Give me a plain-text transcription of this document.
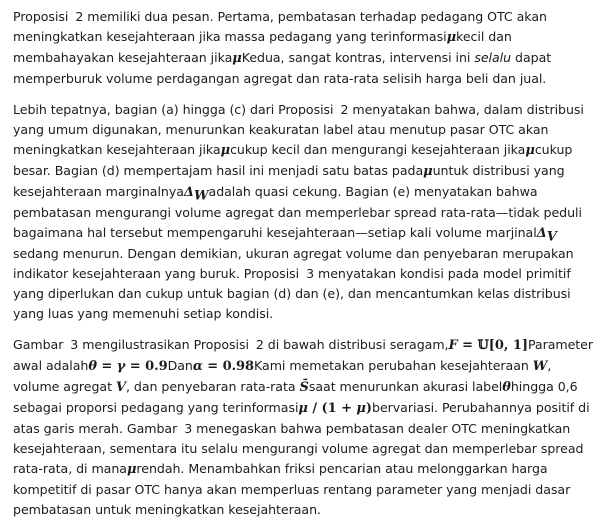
Proposisi 2 memiliki dua pesan. Pertama, pembatasan terhadap pedagang OTC akan meningkatkan kesejahteraan jika massa pedagang yang terinformasiμkecil dan membahayakan kesejahteraan jikaμKedua, sangat kontras, intervensi ini selalu dapat memperburuk volume perdagangan agregat dan rata-rata selisih harga beli dan jual.

Lebih tepatnya, bagian (a) hingga (c) dari Proposisi 2 menyatakan bahwa, dalam distribusi yang umum digunakan, menurunkan keakuratan label atau menutup pasar OTC akan meningkatkan kesejahteraan jikaμcukup kecil dan mengurangi kesejahteraan jikaμcukup besar. Bagian (d) mempertajam hasil ini menjadi satu batas padaμuntuk distribusi yang kesejahteraan marginalnyaΔ$_W$adalah quasi cekung. Bagian (e) menyatakan bahwa pembatasan mengurangi volume agregat dan memperlebar spread rata-rata—tidak peduli bagaimana hal tersebut mempengaruhi kesejahteraan—setiap kali volume marjinalΔ$_V$ sedang menurun. Dengan demikian, ukuran agregat volume dan penyebaran merupakan indikator kesejahteraan yang buruk. Proposisi 3 menyatakan kondisi pada model primitif yang diperlukan dan cukup untuk bagian (d) dan (e), dan mencantumkan kelas distribusi yang luas yang memenuhi setiap kondisi.

Gambar 3 mengilustrasikan Proposisi 2 di bawah distribusi seragam,F = 𝕌[0, 1]Parameter awal adalahθ = γ = 0.9Danα = 0.98Kami memetakan perubahan kesejahteraan W, volume agregat V, dan penyebaran rata-rata S̄saat menurunkan akurasi labelθhingga 0,6 sebagai proporsi pedagang yang terinformasiμ / (1 + μ)bervariasi. Perubahannya positif di atas garis merah. Gambar 3 menegaskan bahwa pembatasan dealer OTC meningkatkan kesejahteraan, sementara itu selalu mengurangi volume agregat dan memperlebar spread rata-rata, di manaμrendah. Menambahkan friksi pencarian atau melonggarkan harga kompetitif di pasar OTC hanya akan memperluas rentang parameter yang menjadi dasar pembatasan untuk meningkatkan kesejahteraan.
